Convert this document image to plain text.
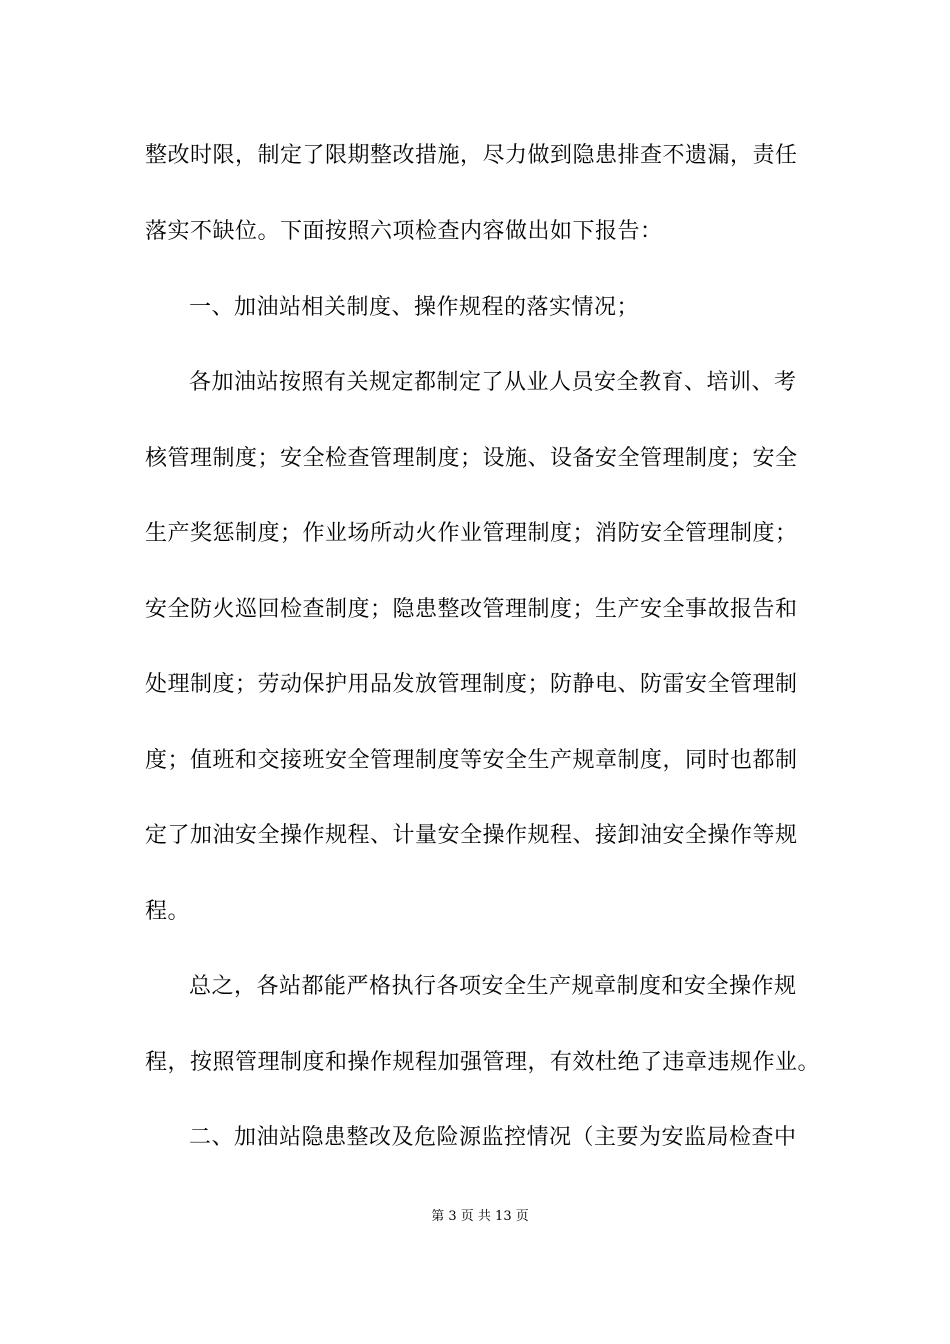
整改时限，制定了限期整改措施，尽力做到隐患排查不遗漏，责任
落实不缺位。下面按照六项检查内容做出如下报告：
一、加油站相关制度、操作规程的落实情况；
各加油站按照有关规定都制定了从业人员安全教育、培训、考
核管理制度；安全检查管理制度；设施、设备安全管理制度；安全
生产奖惩制度；作业场所动火作业管理制度；消防安全管理制度；
安全防火巡回检查制度；隐患整改管理制度；生产安全事故报告和
处理制度；劳动保护用品发放管理制度；防静电、防雷安全管理制
度；值班和交接班安全管理制度等安全生产规章制度，同时也都制
定了加油安全操作规程、计量安全操作规程、接卸油安全操作等规
程。
总之，各站都能严格执行各项安全生产规章制度和安全操作规
程，按照管理制度和操作规程加强管理，有效杜绝了违章违规作业。
二、加油站隐患整改及危险源监控情况（主要为安监局检查中
第 3 页 共 13 页
